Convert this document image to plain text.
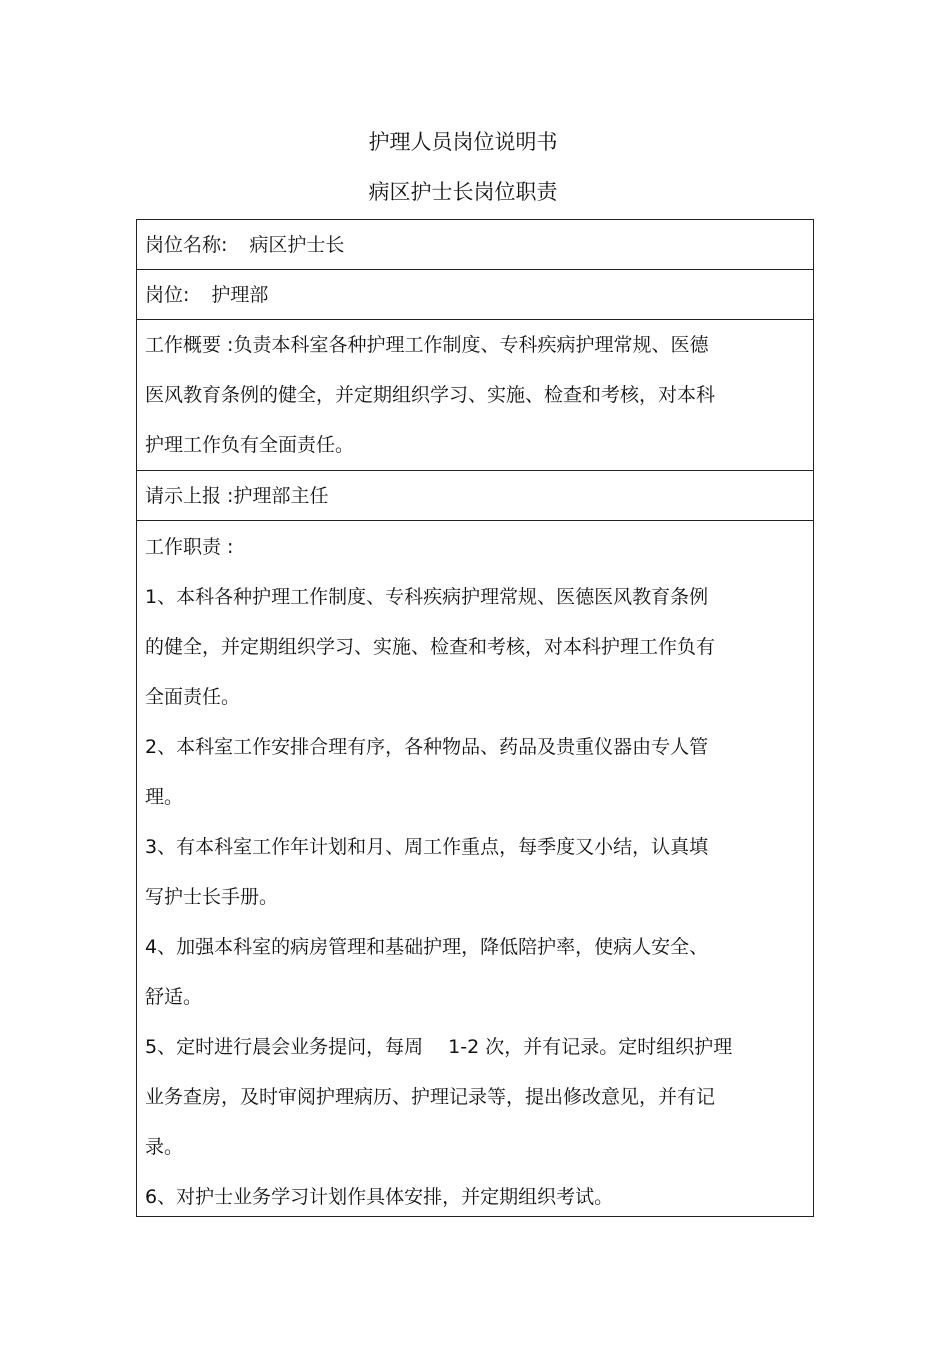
护理人员岗位说明书
病区护士长岗位职责
岗位名称: 病区护士长
岗位: 护理部
工作概要 :负责本科室各种护理工作制度、专科疾病护理常规、医德
医风教育条例的健全，并定期组织学习、实施、检查和考核，对本科
护理工作负有全面责任。
请示上报 :护理部主任
工作职责 :
1、本科各种护理工作制度、专科疾病护理常规、医德医风教育条例
的健全，并定期组织学习、实施、检查和考核，对本科护理工作负有
全面责任。
2、本科室工作安排合理有序，各种物品、药品及贵重仪器由专人管
理。
3、有本科室工作年计划和月、周工作重点，每季度又小结，认真填
写护士长手册。
4、加强本科室的病房管理和基础护理，降低陪护率，使病人安全、
舒适。
5、定时进行晨会业务提问，每周　 1-2 次，并有记录。定时组织护理
业务查房，及时审阅护理病历、护理记录等，提出修改意见，并有记
录。
6、对护士业务学习计划作具体安排，并定期组织考试。
